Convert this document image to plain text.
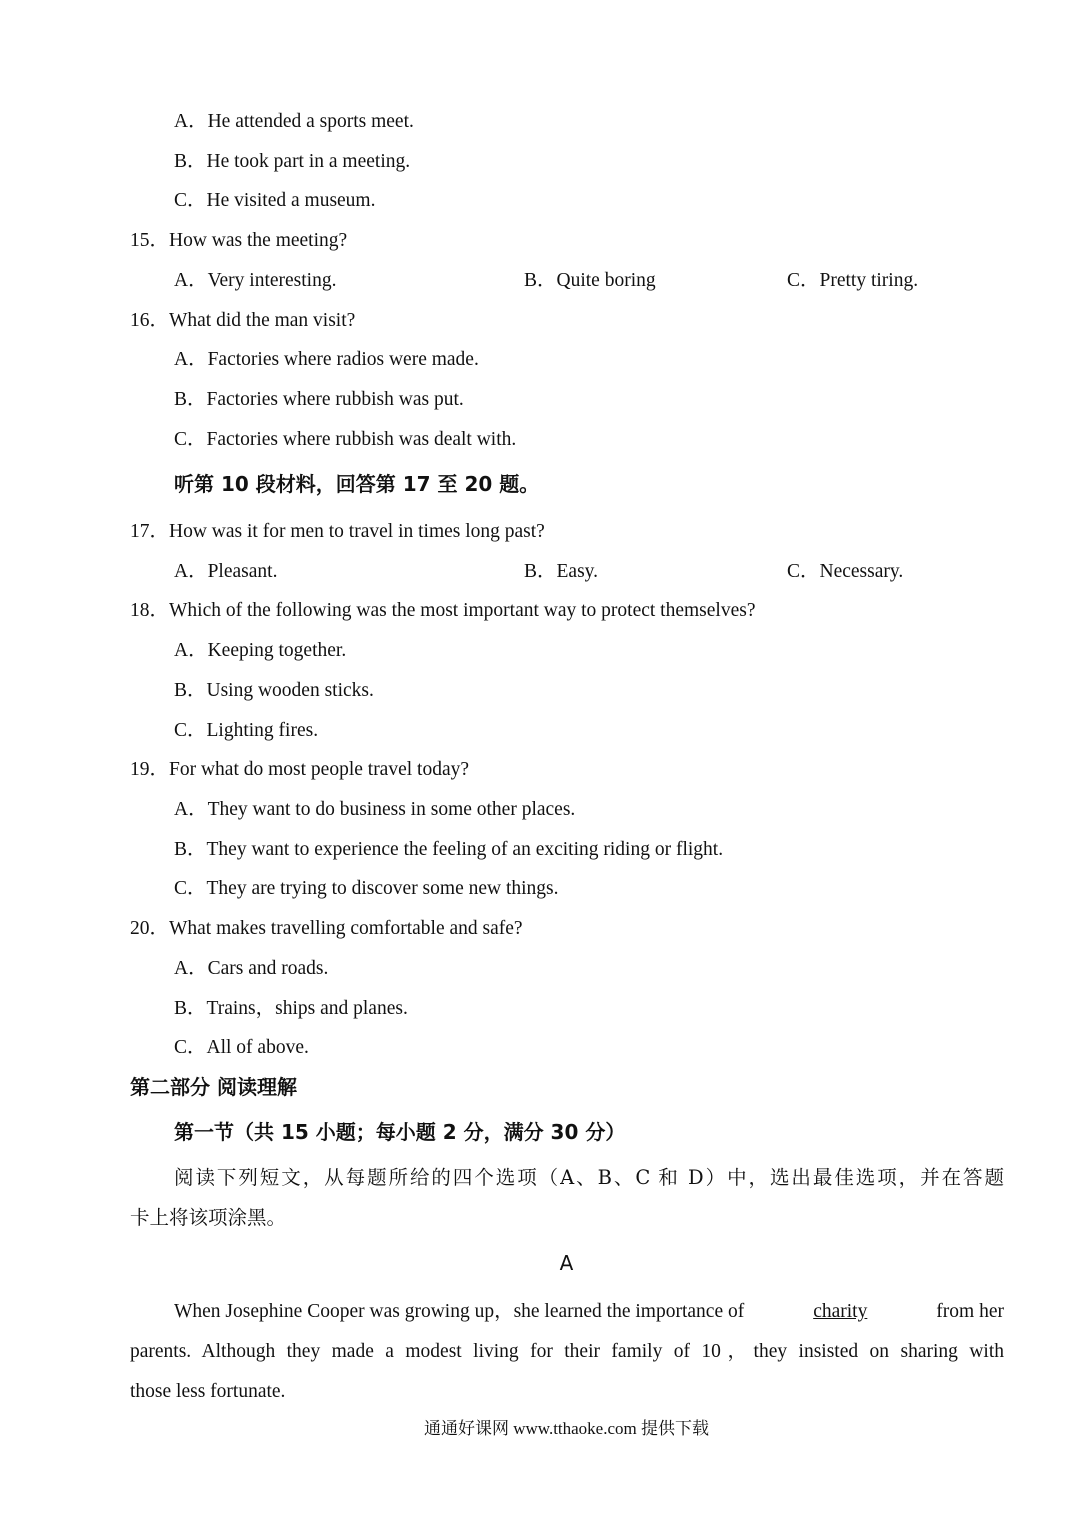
A．He attended a sports meet.
B．He took part in a meeting.
C．He visited a museum.
15．How was the meeting?
A．Very interesting.	B．Quite boring	C．Pretty tiring.
16．What did the man visit?
A．Factories where radios were made.
B．Factories where rubbish was put.
C．Factories where rubbish was dealt with.
听第 10 段材料，回答第 17 至 20 题。
17．How was it for men to travel in times long past?
A．Pleasant.	B．Easy.	C．Necessary.
18．Which of the following was the most important way to protect themselves?
A．Keeping together.
B．Using wooden sticks.
C．Lighting fires.
19．For what do most people travel today?
A．They want to do business in some other places.
B．They want to experience the feeling of an exciting riding or flight.
C．They are trying to discover some new things.
20．What makes travelling comfortable and safe?
A．Cars and roads.
B．Trains，ships and planes.
C．All of above.
第二部分 阅读理解
第一节（共 15 小题；每小题 2 分，满分 30 分）
阅读下列短文，从每题所给的四个选项（A、B、C 和 D）中，选出最佳选项，并在答题
卡上将该项涂黑。
A
When Josephine Cooper was growing up，she learned the importance of	charity	from her
parents. Although they made a modest living for their family of 10，they insisted on sharing with
those less fortunate.
通通好课网 www.tthaoke.com 提供下载
